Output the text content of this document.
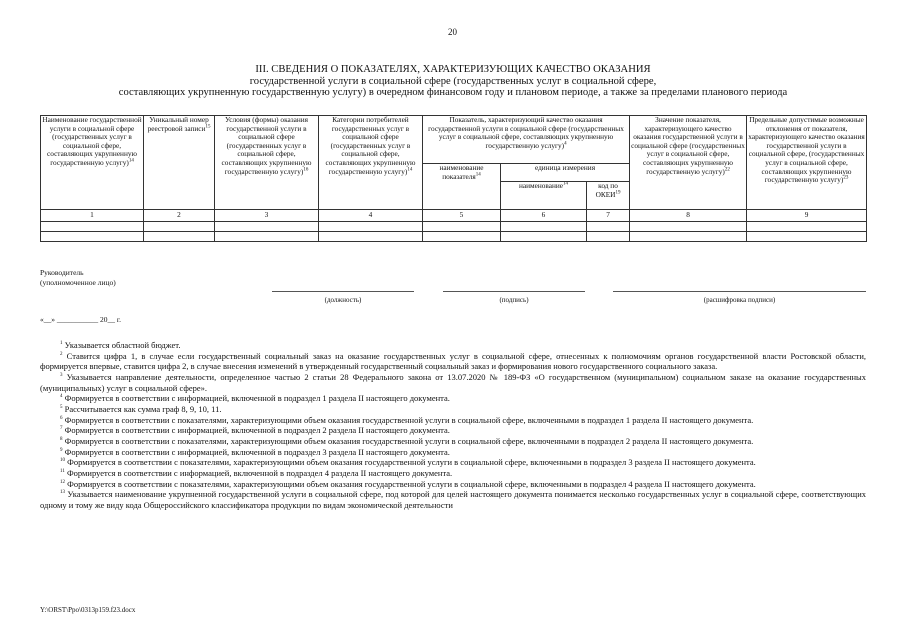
20
III. СВЕДЕНИЯ О ПОКАЗАТЕЛЯХ, ХАРАКТЕРИЗУЮЩИХ КАЧЕСТВО ОКАЗАНИЯ
государственной услуги в социальной сфере (государственных услуг в социальной сфере,
составляющих укрупненную государственную услугу) в очередном финансовом году и плановом периоде, а также за пределами планового периода
Наименование государственной услуги в социальной сфере (государственных услуг в социальной сфере, составляющих укрупненную государственную услугу)$^{14}$	Уникальный номер реестровой записи$^{15}$	Условия (формы) оказания государственной услуги в социальной сфере (государственных услуг в социальной сфере, составляющих укрупненную государственную услугу)$^{16}$	Категории потребителей государственных услуг в социальной сфере (государственных услуг в социальной сфере, составляющих укрупненную государственную услугу)$^{14}$	Показатель, характеризующий качество оказания государственной услуги в социальной сфере (государственных услуг в социальной сфере, составляющих укрупненную государственную услугу)$^4$			Значение показателя, характеризующего качество оказания государственной услуги в социальной сфере (государственных услуг в социальной сфере, составляющих укрупненную государственную услугу)$^{22}$	Предельные допустимые возможные отклонения от показателя, характеризующего качество оказания государственной услуги в социальной сфере, (государственных услуг в социальной сфере, составляющих укрупненную государственную услугу)$^{23}$
				наименование показателя$^{14}$	единица измерения			
					наименование$^{14}$	код по ОКЕИ$^{19}$
1	2	3	4	5	6	7	8	9

Руководитель
(уполномоченное лицо)
(должность)	(подпись)	(расшифровка подписи)
«__» ___________ 20__ г.

$^1$ Указывается областной бюджет.

$^2$ Ставится цифра 1, в случае если государственный социальный заказ на оказание государственных услуг в социальной сфере, отнесенных к полномочиям органов государственной власти Ростовской области, формируется впервые, ставится цифра 2, в случае внесения изменений в утвержденный государственный социальный заказ и формирования нового государственного социального заказа.

$^3$ Указывается направление деятельности, определенное частью 2 статьи 28 Федерального закона от 13.07.2020 № 189-ФЗ «О государственном (муниципальном) социальном заказе на оказание государственных (муниципальных) услуг в социальной сфере».

$^4$ Формируется в соответствии с информацией, включенной в подраздел 1 раздела II настоящего документа.

$^5$ Рассчитывается как сумма граф 8, 9, 10, 11.

$^6$ Формируется в соответствии с показателями, характеризующими объем оказания государственной услуги в социальной сфере, включенными в подраздел 1 раздела II настоящего документа.

$^7$ Формируется в соответствии с информацией, включенной в подраздел 2 раздела II настоящего документа.

$^8$ Формируется в соответствии с показателями, характеризующими объем оказания государственной услуги в социальной сфере, включенными в подраздел 2 раздела II настоящего документа.

$^9$ Формируется в соответствии с информацией, включенной в подраздел 3 раздела II настоящего документа.

$^{10}$ Формируется в соответствии с показателями, характеризующими объем оказания государственной услуги в социальной сфере, включенными в подраздел 3 раздела II настоящего документа.

$^{11}$ Формируется в соответствии с информацией, включенной в подраздел 4 раздела II настоящего документа.

$^{12}$ Формируется в соответствии с показателями, характеризующими объем оказания государственной услуги в социальной сфере, включенными в подраздел 4 раздела II настоящего документа.

$^{13}$ Указывается наименование укрупненной государственной услуги в социальной сфере, под которой для целей настоящего документа понимается несколько государственных услуг в социальной сфере, соответствующих одному и тому же виду кода Общероссийского классификатора продукции по видам экономической деятельности

Y:\ORST\Ppo\0313p159.f23.docx
